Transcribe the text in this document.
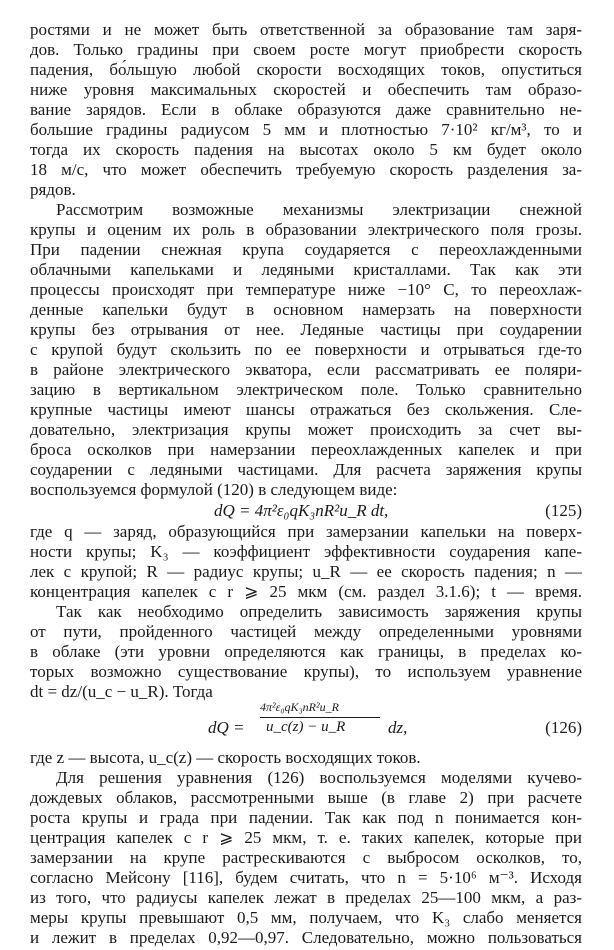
ростями и не может быть ответственной за образование там заря-
дов. Только градины при своем росте могут приобрести скорость
падения, бо́льшую любой скорости восходящих токов, опуститься
ниже уровня максимальных скоростей и обеспечить там образо-
вание зарядов. Если в облаке образуются даже сравнительно не-
большие градины радиусом 5 мм и плотностью 7·10² кг/м³, то и
тогда их скорость падения на высотах около 5 км будет около
18 м/с, что может обеспечить требуемую скорость разделения за-
рядов.
Рассмотрим возможные механизмы электризации снежной
крупы и оценим их роль в образовании электрического поля грозы.
При падении снежная крупа соударяется с переохлажденными
облачными капельками и ледяными кристаллами. Так как эти
процессы происходят при температуре ниже −10° С, то переохлаж-
денные капельки будут в основном намерзать на поверхности
крупы без отрывания от нее. Ледяные частицы при соударении
с крупой будут скользить по ее поверхности и отрываться где-то
в районе электрического экватора, если рассматривать ее поляри-
зацию в вертикальном электрическом поле. Только сравнительно
крупные частицы имеют шансы отражаться без скольжения. Сле-
довательно, электризация крупы может происходить за счет вы-
броса осколков при намерзании переохлажденных капелек и при
соударении с ледяными частицами. Для расчета заряжения крупы
воспользуемся формулой (120) в следующем виде:
dQ = 4π²ε₀qK₃nR²u_R dt,	(125)
где q — заряд, образующийся при замерзании капельки на поверх-
ности крупы; K₃ — коэффициент эффективности соударения капе-
лек с крупой; R — радиус крупы; u_R — ее скорость падения; n —
концентрация капелек с r ⩾ 25 мкм (см. раздел 3.1.6); t — время.
Так как необходимо определить зависимость заряжения крупы
от пути, пройденного частицей между определенными уровнями
в облаке (эти уровни определяются как границы, в пределах ко-
торых возможно существование крупы), то используем уравнение
dt = dz/(u_c − u_R). Тогда
dQ =
4π²ε₀qK₃nR²u_R
u_c(z) − u_R	dz,	(126)
где z — высота, u_c(z) — скорость восходящих токов.
Для решения уравнения (126) воспользуемся моделями кучево-
дождевых облаков, рассмотренными выше (в главе 2) при расчете
роста крупы и града при падении. Так как под n понимается кон-
центрация капелек с r ⩾ 25 мкм, т. е. таких капелек, которые при
замерзании на крупе растрескиваются с выбросом осколков, то,
согласно Мейсону [116], будем считать, что n = 5·10⁶ м⁻³. Исходя
из того, что радиусы капелек лежат в пределах 25—100 мкм, а раз-
меры крупы превышают 0,5 мм, получаем, что K₃ слабо меняется
и лежит в пределах 0,92—0,97. Следовательно, можно пользоваться
